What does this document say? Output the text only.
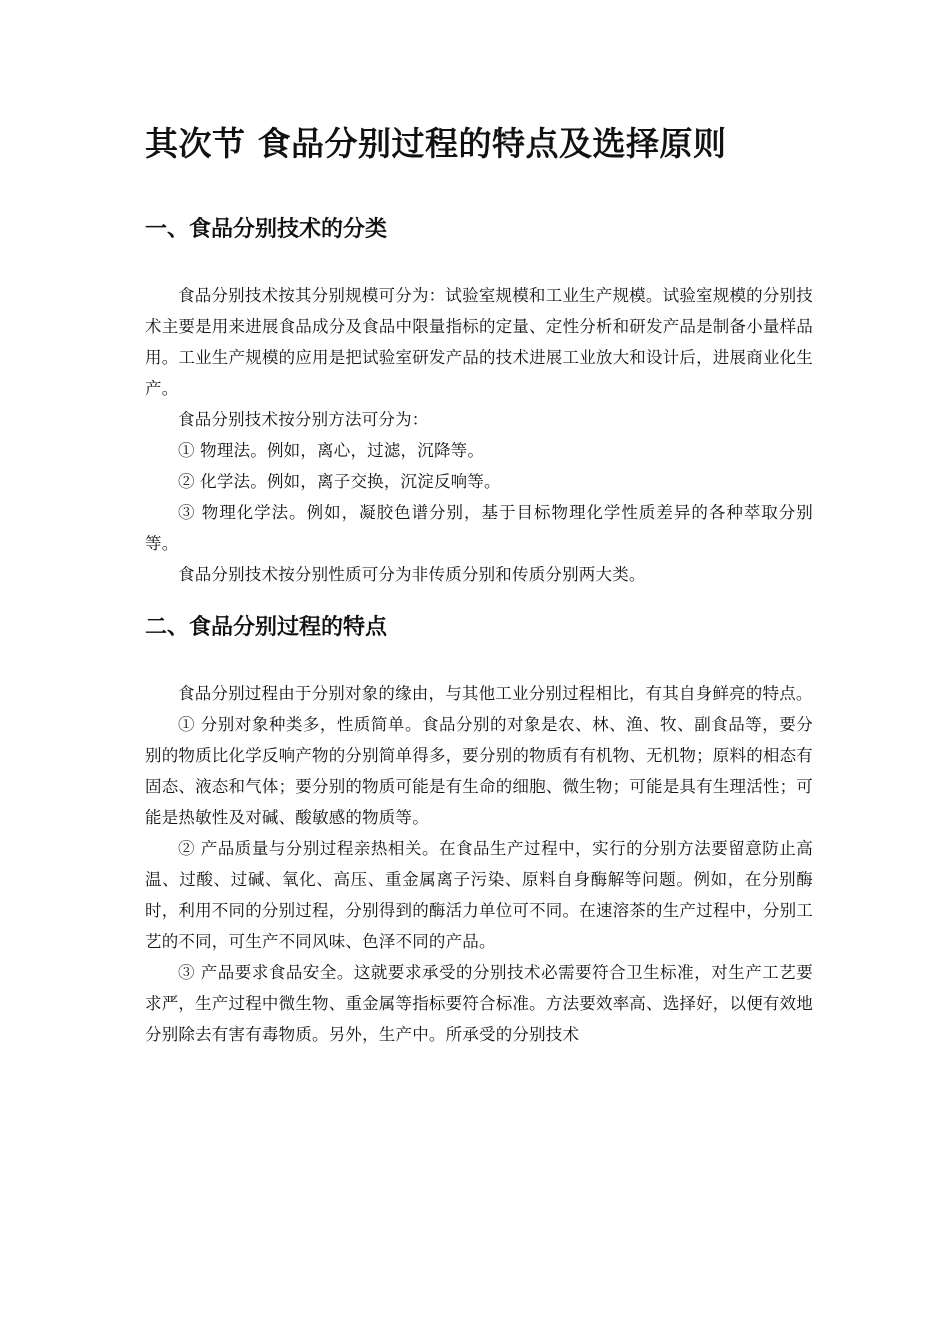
其次节 食品分别过程的特点及选择原则
一、食品分别技术的分类

食品分别技术按其分别规模可分为：试验室规模和工业生产规模。试验室规模的分别技术主要是用来进展食品成分及食品中限量指标的定量、定性分析和研发产品是制备小量样品用。工业生产规模的应用是把试验室研发产品的技术进展工业放大和设计后，进展商业化生产。

食品分别技术按分别方法可分为：

① 物理法。例如，离心，过滤，沉降等。

② 化学法。例如，离子交换，沉淀反响等。

③ 物理化学法。例如，凝胶色谱分别，基于目标物理化学性质差异的各种萃取分别等。

食品分别技术按分别性质可分为非传质分别和传质分别两大类。

二、食品分别过程的特点

食品分别过程由于分别对象的缘由，与其他工业分别过程相比，有其自身鲜亮的特点。

① 分别对象种类多，性质简单。食品分别的对象是农、林、渔、牧、副食品等，要分别的物质比化学反响产物的分别简单得多，要分别的物质有有机物、无机物；原料的相态有固态、液态和气体；要分别的物质可能是有生命的细胞、微生物；可能是具有生理活性；可能是热敏性及对碱、酸敏感的物质等。

② 产品质量与分别过程亲热相关。在食品生产过程中，实行的分别方法要留意防止高温、过酸、过碱、氧化、高压、重金属离子污染、原料自身酶解等问题。例如，在分别酶时，利用不同的分别过程，分别得到的酶活力单位可不同。在速溶茶的生产过程中，分别工艺的不同，可生产不同风味、色泽不同的产品。

③ 产品要求食品安全。这就要求承受的分别技术必需要符合卫生标准，对生产工艺要求严，生产过程中微生物、重金属等指标要符合标准。方法要效率高、选择好，以便有效地分别除去有害有毒物质。另外，生产中。所承受的分别技术
